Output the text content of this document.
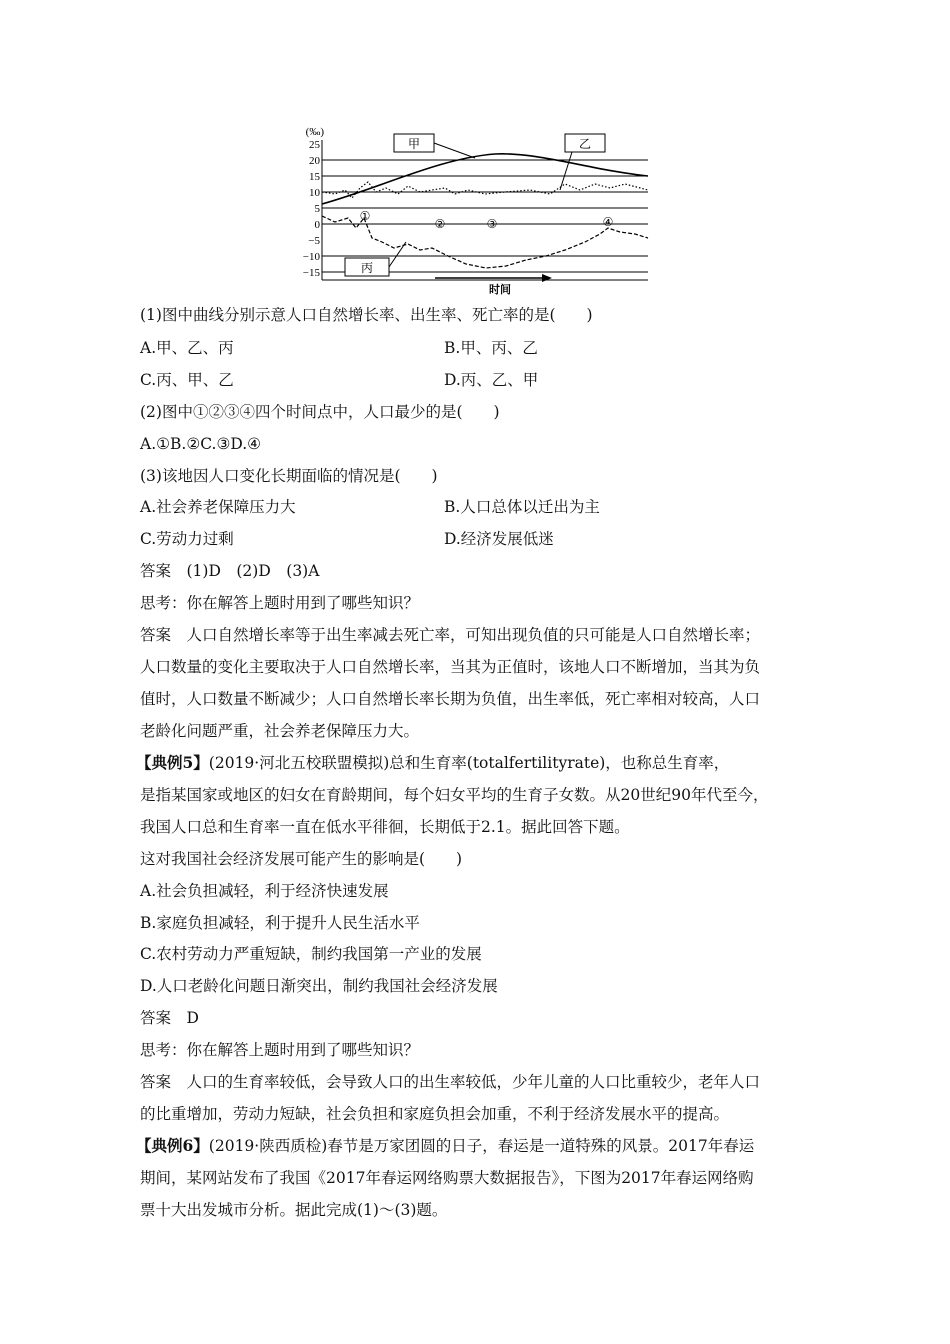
(‰)
25
20
15
10
5
0
−5
−10
−15
①
②	③	④
甲	乙
丙
时间
(1)图中曲线分别示意人口自然增长率、出生率、死亡率的是(　　)
A.甲、乙、丙	B.甲、丙、乙
C.丙、甲、乙	D.丙、乙、甲
(2)图中①②③④四个时间点中，人口最少的是(　　)
A.①B.②C.③D.④
(3)该地因人口变化长期面临的情况是(　　)
A.社会养老保障压力大	B.人口总体以迁出为主
C.劳动力过剩	D.经济发展低迷
答案　(1)D　(2)D　(3)A
思考：你在解答上题时用到了哪些知识？
答案　人口自然增长率等于出生率减去死亡率，可知出现负值的只可能是人口自然增长率；
人口数量的变化主要取决于人口自然增长率，当其为正值时，该地人口不断增加，当其为负
值时，人口数量不断减少；人口自然增长率长期为负值，出生率低，死亡率相对较高，人口
老龄化问题严重，社会养老保障压力大。
【典例5】(2019·河北五校联盟模拟)总和生育率(totalfertilityrate)，也称总生育率，
是指某国家或地区的妇女在育龄期间，每个妇女平均的生育子女数。从20世纪90年代至今，
我国人口总和生育率一直在低水平徘徊，长期低于2.1。据此回答下题。
这对我国社会经济发展可能产生的影响是(　　)
A.社会负担减轻，利于经济快速发展
B.家庭负担减轻，利于提升人民生活水平
C.农村劳动力严重短缺，制约我国第一产业的发展
D.人口老龄化问题日渐突出，制约我国社会经济发展
答案　D
思考：你在解答上题时用到了哪些知识？
答案　人口的生育率较低，会导致人口的出生率较低，少年儿童的人口比重较少，老年人口
的比重增加，劳动力短缺，社会负担和家庭负担会加重，不利于经济发展水平的提高。
【典例6】(2019·陕西质检)春节是万家团圆的日子，春运是一道特殊的风景。2017年春运
期间，某网站发布了我国《2017年春运网络购票大数据报告》，下图为2017年春运网络购
票十大出发城市分析。据此完成(1)～(3)题。
